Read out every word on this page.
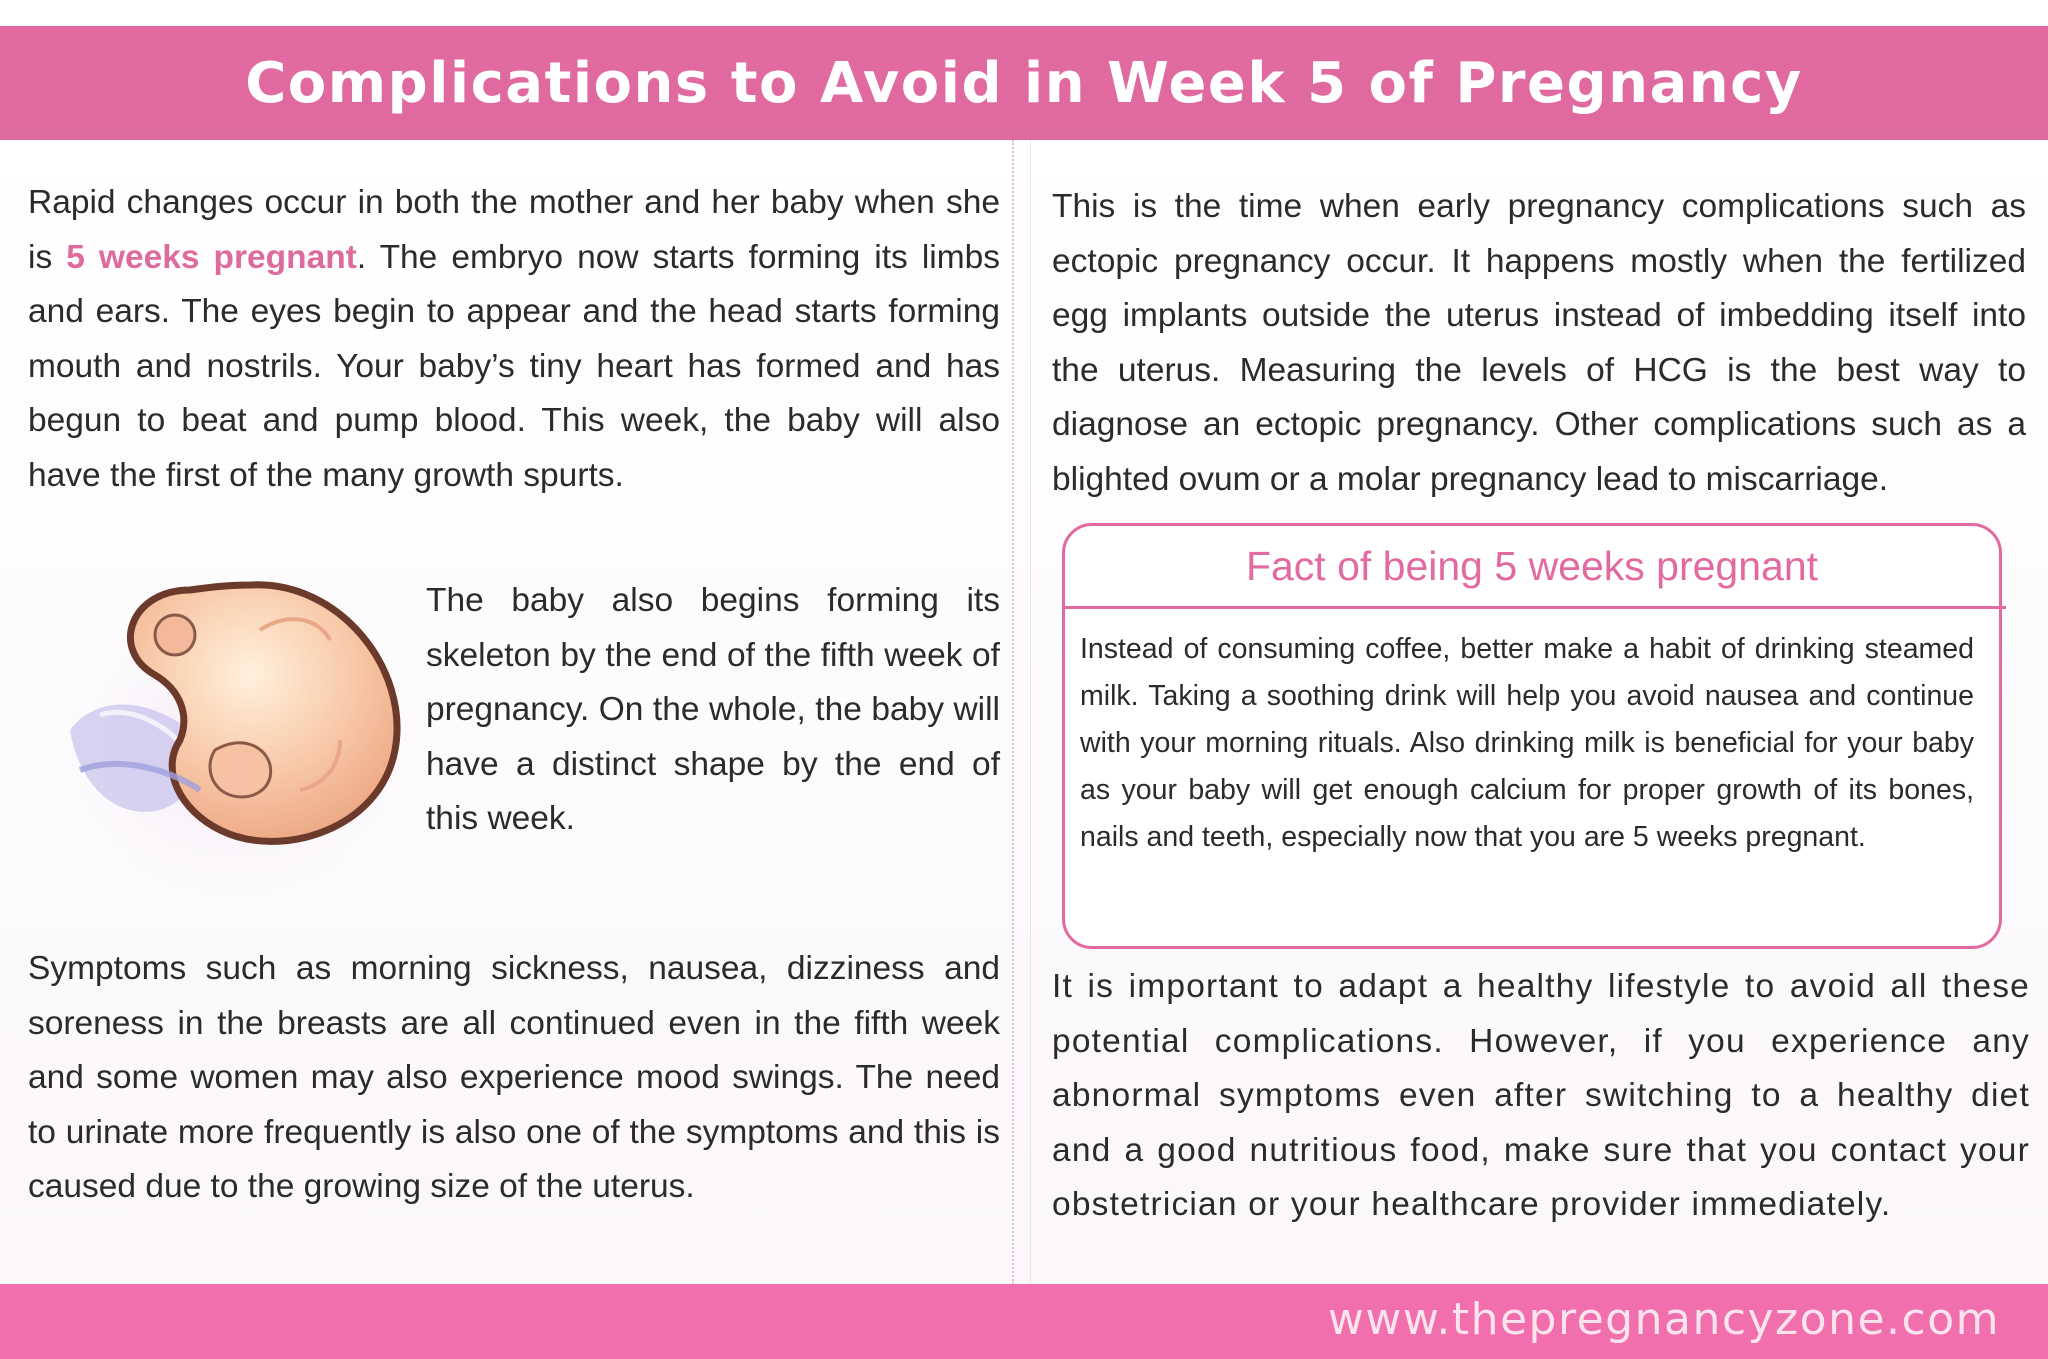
Complications to Avoid in Week 5 of Pregnancy

Rapid changes occur in both the mother and her baby when she is 5 weeks pregnant. The embryo now starts forming its limbs and ears. The eyes begin to appear and the head starts forming mouth and nostrils. Your baby’s tiny heart has formed and has begun to beat and pump blood. This week, the baby will also have the first of the many growth spurts.

The baby also begins forming its skeleton by the end of the fifth week of pregnancy. On the whole, the baby will have a distinct shape by the end of this week.

Symptoms such as morning sickness, nausea, dizziness and soreness in the breasts are all continued even in the fifth week and some women may also experience mood swings. The need to urinate more frequently is also one of the symptoms and this is caused due to the growing size of the uterus.

This is the time when early pregnancy complications such as ectopic pregnancy occur. It happens mostly when the fertilized egg implants outside the uterus instead of imbedding itself into the uterus. Measuring the levels of HCG is the best way to diagnose an ectopic pregnancy. Other complications such as a blighted ovum or a molar pregnancy lead to miscarriage.

Fact of being 5 weeks pregnant

Instead of consuming coffee, better make a habit of drinking steamed milk. Taking a soothing drink will help you avoid nausea and continue with your morning rituals. Also drinking milk is beneficial for your baby as your baby will get enough calcium for proper growth of its bones, nails and teeth, especially now that you are 5 weeks pregnant.

It is important to adapt a healthy lifestyle to avoid all these potential complications. However, if you experience any abnormal symptoms even after switching to a healthy diet and a good nutritious food, make sure that you contact your obstetrician or your healthcare provider immediately.

www.thepregnancyzone.com
